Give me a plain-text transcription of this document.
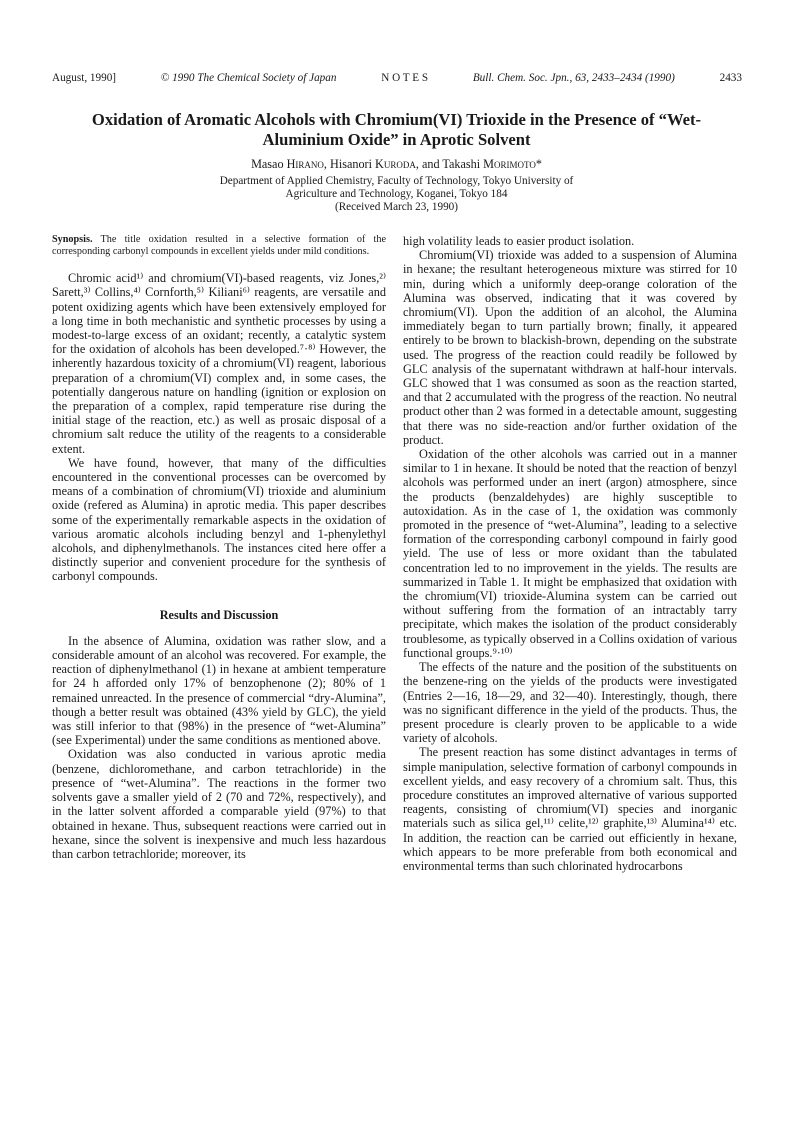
August, 1990]	© 1990 The Chemical Society of Japan	N O T E S	Bull. Chem. Soc. Jpn., 63, 2433–2434 (1990)	2433
Oxidation of Aromatic Alcohols with Chromium(VI) Trioxide in the Presence of “Wet-Aluminium Oxide” in Aprotic Solvent

Masao Hirano, Hisanori Kuroda, and Takashi Morimoto*

Department of Applied Chemistry, Faculty of Technology, Tokyo University of
Agriculture and Technology, Koganei, Tokyo 184
(Received March 23, 1990)

Synopsis. The title oxidation resulted in a selective formation of the corresponding carbonyl compounds in excellent yields under mild conditions.

Chromic acid¹⁾ and chromium(VI)-based reagents, viz Jones,²⁾ Sarett,³⁾ Collins,⁴⁾ Cornforth,⁵⁾ Kiliani⁶⁾ reagents, are versatile and potent oxidizing agents which have been extensively employed for a long time in both mechanistic and synthetic processes by using a modest-to-large excess of an oxidant; recently, a catalytic system for the oxidation of alcohols has been developed.⁷·⁸⁾ However, the inherently hazardous toxicity of a chromium(VI) reagent, laborious preparation of a chromium(VI) complex and, in some cases, the potentially dangerous nature on handling (ignition or explosion on the preparation of a complex, rapid temperature rise during the initial stage of the reaction, etc.) as well as prosaic disposal of a chromium salt reduce the utility of the reagents to a considerable extent.

We have found, however, that many of the difficulties encountered in the conventional processes can be overcomed by means of a combination of chromium(VI) trioxide and aluminium oxide (refered as Alumina) in aprotic media. This paper describes some of the experimentally remarkable aspects in the oxidation of various aromatic alcohols including benzyl and 1-phenylethyl alcohols, and diphenylmethanols. The instances cited here offer a distinctly superior and convenient procedure for the synthesis of carbonyl compounds.

Results and Discussion

In the absence of Alumina, oxidation was rather slow, and a considerable amount of an alcohol was recovered. For example, the reaction of diphenylmethanol (1) in hexane at ambient temperature for 24 h afforded only 17% of benzophenone (2); 80% of 1 remained unreacted. In the presence of commercial “dry-Alumina”, though a better result was obtained (43% yield by GLC), the yield was still inferior to that (98%) in the presence of “wet-Alumina” (see Experimental) under the same conditions as mentioned above.

Oxidation was also conducted in various aprotic media (benzene, dichloromethane, and carbon tetrachloride) in the presence of “wet-Alumina”. The reactions in the former two solvents gave a smaller yield of 2 (70 and 72%, respectively), and in the latter solvent afforded a comparable yield (97%) to that obtained in hexane. Thus, subsequent reactions were carried out in hexane, since the solvent is inexpensive and much less hazardous than carbon tetrachloride; moreover, its

high volatility leads to easier product isolation.

Chromium(VI) trioxide was added to a suspension of Alumina in hexane; the resultant heterogeneous mixture was stirred for 10 min, during which a uniformly deep-orange coloration of the Alumina was observed, indicating that it was covered by chromium(VI). Upon the addition of an alcohol, the Alumina immediately began to turn partially brown; finally, it appeared entirely to be brown to blackish-brown, depending on the substrate used. The progress of the reaction could readily be followed by GLC analysis of the supernatant withdrawn at half-hour intervals. GLC showed that 1 was consumed as soon as the reaction started, and that 2 accumulated with the progress of the reaction. No neutral product other than 2 was formed in a detectable amount, suggesting that there was no side-reaction and/or further oxidation of the product.

Oxidation of the other alcohols was carried out in a manner similar to 1 in hexane. It should be noted that the reaction of benzyl alcohols was performed under an inert (argon) atmosphere, since the products (benzaldehydes) are highly susceptible to autoxidation. As in the case of 1, the oxidation was commonly promoted in the presence of “wet-Alumina”, leading to a selective formation of the corresponding carbonyl compound in fairly good yield. The use of less or more oxidant than the tabulated concentration led to no improvement in the yields. The results are summarized in Table 1. It might be emphasized that oxidation with the chromium(VI) trioxide-Alumina system can be carried out without suffering from the formation of an intractably tarry precipitate, which makes the isolation of the product considerably troublesome, as typically observed in a Collins oxidation of various functional groups.⁹·¹⁰⁾

The effects of the nature and the position of the substituents on the benzene-ring on the yields of the products were investigated (Entries 2—16, 18—29, and 32—40). Interestingly, though, there was no significant difference in the yield of the products. Thus, the present procedure is clearly proven to be applicable to a wide variety of alcohols.

The present reaction has some distinct advantages in terms of simple manipulation, selective formation of carbonyl compounds in excellent yields, and easy recovery of a chromium salt. Thus, this procedure constitutes an improved alternative of various supported reagents, consisting of chromium(VI) species and inorganic materials such as silica gel,¹¹⁾ celite,¹²⁾ graphite,¹³⁾ Alumina¹⁴⁾ etc. In addition, the reaction can be carried out efficiently in hexane, which appears to be more preferable from both economical and environmental terms than such chlorinated hydrocarbons
